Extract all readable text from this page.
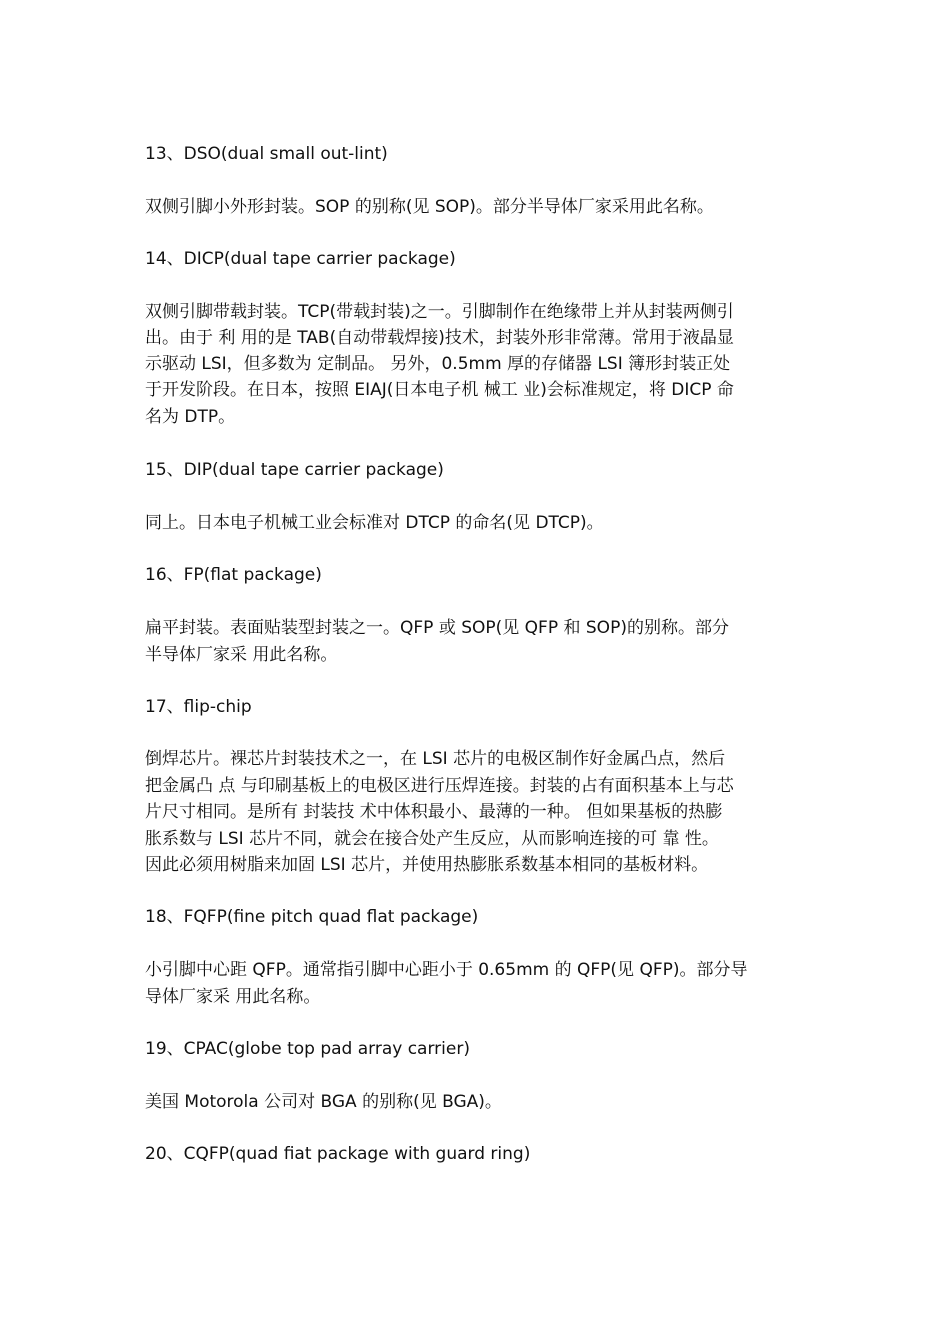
13、DSO(dual small out-lint)
双侧引脚小外形封装。SOP 的别称(见 SOP)。部分半导体厂家采用此名称。
14、DICP(dual tape carrier package)
双侧引脚带载封装。TCP(带载封装)之一。引脚制作在绝缘带上并从封装两侧引
出。由于 利 用的是 TAB(自动带载焊接)技术，封装外形非常薄。常用于液晶显
示驱动 LSI，但多数为 定制品。 另外，0.5mm 厚的存储器 LSI 簿形封装正处
于开发阶段。在日本，按照 EIAJ(日本电子机 械工 业)会标准规定，将 DICP 命
名为 DTP。
15、DIP(dual tape carrier package)
同上。日本电子机械工业会标准对 DTCP 的命名(见 DTCP)。
16、FP(flat package)
扁平封装。表面贴装型封装之一。QFP 或 SOP(见 QFP 和 SOP)的别称。部分
半导体厂家采 用此名称。
17、flip-chip
倒焊芯片。裸芯片封装技术之一，在 LSI 芯片的电极区制作好金属凸点，然后
把金属凸 点 与印刷基板上的电极区进行压焊连接。封装的占有面积基本上与芯
片尺寸相同。是所有 封装技 术中体积最小、最薄的一种。 但如果基板的热膨
胀系数与 LSI 芯片不同，就会在接合处产生反应，从而影响连接的可 靠 性。
因此必须用树脂来加固 LSI 芯片，并使用热膨胀系数基本相同的基板材料。
18、FQFP(fine pitch quad flat package)
小引脚中心距 QFP。通常指引脚中心距小于 0.65mm 的 QFP(见 QFP)。部分导
导体厂家采 用此名称。
19、CPAC(globe top pad array carrier)
美国 Motorola 公司对 BGA 的别称(见 BGA)。
20、CQFP(quad fiat package with guard ring)
